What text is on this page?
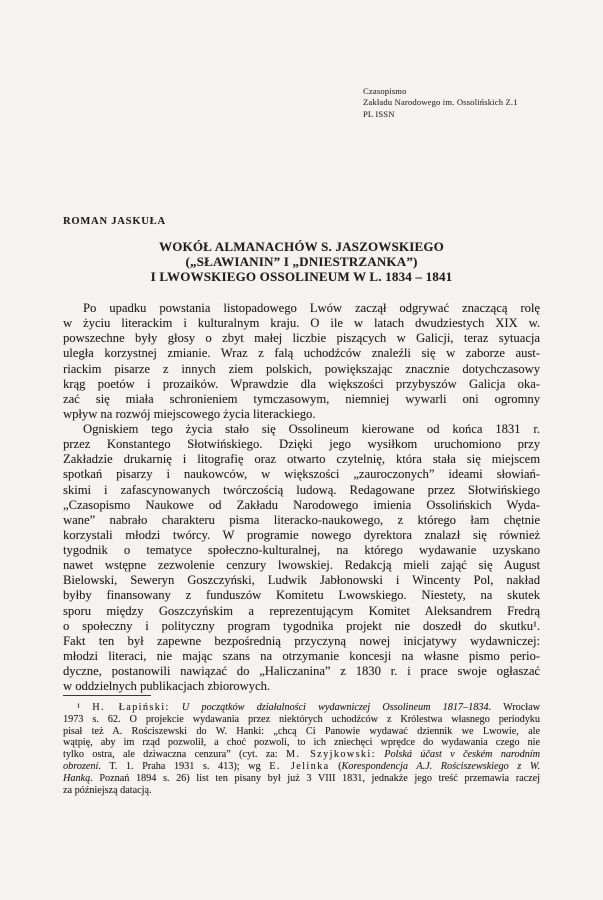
Czasopismo
Zakładu Narodowego im. Ossolińskich Z.1
PL ISSN
ROMAN JASKUŁA
WOKÓŁ ALMANACHÓW S. JASZOWSKIEGO
(„SŁAWIANIN” I „DNIESTRZANKA”)
I LWOWSKIEGO OSSOLINEUM W L. 1834 – 1841
Po upadku powstania listopadowego Lwów zaczął odgrywać znaczącą rolę
w życiu literackim i kulturalnym kraju. O ile w latach dwudziestych XIX w.
powszechne były głosy o zbyt małej liczbie piszących w Galicji, teraz sytuacja
uległa korzystnej zmianie. Wraz z falą uchodźców znaleźli się w zaborze aust-
riackim pisarze z innych ziem polskich, powiększając znacznie dotychczasowy
krąg poetów i prozaików. Wprawdzie dla większości przybyszów Galicja oka-
zać się miała schronieniem tymczasowym, niemniej wywarli oni ogromny
wpływ na rozwój miejscowego życia literackiego.
Ogniskiem tego życia stało się Ossolineum kierowane od końca 1831 r.
przez Konstantego Słotwińskiego. Dzięki jego wysiłkom uruchomiono przy
Zakładzie drukarnię i litografię oraz otwarto czytelnię, która stała się miejscem
spotkań pisarzy i naukowców, w większości „zauroczonych” ideami słowiań-
skimi i zafascynowanych twórczością ludową. Redagowane przez Słotwińskiego
„Czasopismo Naukowe od Zakładu Narodowego imienia Ossolińskich Wyda-
wane” nabrało charakteru pisma literacko-naukowego, z którego łam chętnie
korzystali młodzi twórcy. W programie nowego dyrektora znalazł się również
tygodnik o tematyce społeczno-kulturalnej, na którego wydawanie uzyskano
nawet wstępne zezwolenie cenzury lwowskiej. Redakcją mieli zająć się August
Bielowski, Seweryn Goszczyński, Ludwik Jabłonowski i Wincenty Pol, nakład
byłby finansowany z funduszów Komitetu Lwowskiego. Niestety, na skutek
sporu między Goszczyńskim a reprezentującym Komitet Aleksandrem Fredrą
o społeczny i polityczny program tygodnika projekt nie doszedł do skutku¹.
Fakt ten był zapewne bezpośrednią przyczyną nowej inicjatywy wydawniczej:
młodzi literaci, nie mając szans na otrzymanie koncesji na własne pismo perio-
dyczne, postanowili nawiązać do „Haliczanina” z 1830 r. i prace swoje ogłaszać
w oddzielnych publikacjach zbiorowych.
¹ H. Łapiński: U początków działalności wydawniczej Ossolineum 1817–1834. Wrocław
1973 s. 62. O projekcie wydawania przez niektórych uchodźców z Królestwa własnego periodyku
pisał też A. Rościszewski do W. Hanki: „chcą Ci Panowie wydawać dziennik we Lwowie, ale
wątpię, aby im rząd pozwolił, a choć pozwoli, to ich zniechęci wprędce do wydawania czego nie
tylko ostra, ale dziwaczna cenzura” (cyt. za: M. Szyjkowski: Polská účast v českém narodním
obrození. T. 1. Praha 1931 s. 413); wg E. Jelinka (Korespondencja A.J. Rościszewskiego z W.
Hanką. Poznań 1894 s. 26) list ten pisany był już 3 VIII 1831, jednakże jego treść przemawia raczej
za późniejszą datacją.
